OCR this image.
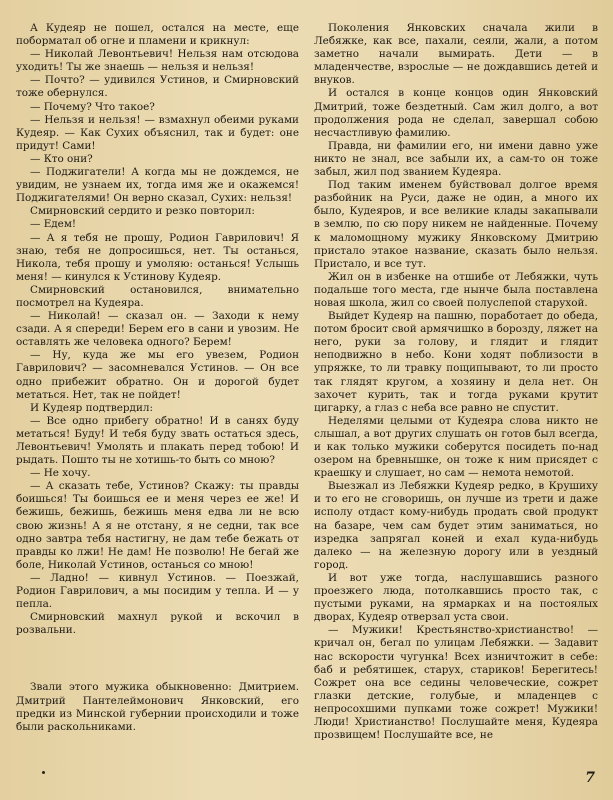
А Кудеяр не пошел, остался на месте, еще поборматал об огне и пламени и крикнул:

— Николай Левонтьевич! Нельзя нам отсюдова уходить! Ты же знаешь — нельзя и нельзя!

— Почто? — удивился Устинов, и Смирновский тоже обернулся.

— Почему? Что такое?

— Нельзя и нельзя! — взмахнул обеими руками Кудеяр. — Как Сухих объяснил, так и будет: оне придут! Сами!

— Кто они?

— Поджигатели! А когда мы не дождемся, не увидим, не узнаем их, тогда имя же и окажемся! Поджигателями! Он верно сказал, Сухих: нельзя!

Смирновский сердито и резко повторил:

— Едем!

— А я тебя не прошу, Родион Гаврилович! Я знаю, тебя не допросишься, нет. Ты останься, Никола, тебя прошу и умоляю: останься! Услышь меня! — кинулся к Устинову Кудеяр.

Смирновский остановился, внимательно посмотрел на Кудеяра.

— Николай! — сказал он. — Заходи к нему сзади. А я спереди! Берем его в сани и увозим. Не оставлять же человека одного? Берем!

— Ну, куда же мы его увезем, Родион Гаврилович? — засомневался Устинов. — Он все одно прибежит обратно. Он и дорогой будет метаться. Нет, так не пойдет!

И Кудеяр подтвердил:

— Все одно прибегу обратно! И в санях буду метаться! Буду! И тебя буду звать остаться здесь, Левонтьевич! Умолять и плакать перед тобою! И рыдать. Пошто ты не хотишь-то быть со мною?

— Не хочу.

— А сказать тебе, Устинов? Скажу: ты правды боишься! Ты боишься ее и меня через ее же! И бежишь, бежишь, бежишь меня едва ли не всю свою жизнь! А я не отстану, я не седни, так все одно завтра тебя настигну, не дам тебе бежать от правды ко лжи! Не дам! Не позволю! Не бегай же боле, Николай Устинов, останься со мною!

— Ладно! — кивнул Устинов. — Поезжай, Родион Гаврилович, а мы посидим у тепла. И — у пепла.

Смирновский махнул рукой и вскочил в розвальни.

Звали этого мужика обыкновенно: Дмитрием. Дмитрий Пантелеймонович Янковский, его предки из Минской губернии происходили и тоже были раскольниками.

Поколения Янковских сначала жили в Лебяжке, как все, пахали, сеяли, жали, а потом заметно начали вымирать. Дети — в младенчестве, взрослые — не дождавшись детей и внуков.

И остался в конце концов один Янковский Дмитрий, тоже бездетный. Сам жил долго, а вот продолжения рода не сделал, завершал собою несчастливую фамилию.

Правда, ни фамилии его, ни имени давно уже никто не знал, все забыли их, а сам-то он тоже забыл, жил под званием Кудеяра.

Под таким именем буйствовал долгое время разбойник на Руси, даже не один, а много их было, Кудеяров, и все великие клады закапывали в землю, по сю пору никем не найденные. Почему к маломощному мужику Янковскому Дмитрию пристало этакое название, сказать было нельзя. Пристало, и все тут.

Жил он в избенке на отшибе от Лебяжки, чуть подальше того места, где нынче была поставлена новая школа, жил со своей полуслепой старухой.

Выйдет Кудеяр на пашню, поработает до обеда, потом бросит свой армячишко в борозду, ляжет на него, руки за голову, и глядит и глядит неподвижно в небо. Кони ходят поблизости в упряжке, то ли травку пощипывают, то ли просто так глядят кругом, а хозяину и дела нет. Он захочет курить, так и тогда руками крутит цигарку, а глаз с неба все равно не спустит.

Неделями целыми от Кудеяра слова никто не слышал, а вот других слушать он готов был всегда, и как только мужики соберутся посидеть по-над озером на бревнышке, он тоже к ним присядет с краешку и слушает, но сам — немота немотой.

Выезжал из Лебяжки Кудеяр редко, в Крушиху и то его не сговоришь, он лучше из трети и даже исполу отдаст кому-нибудь продать свой продукт на базаре, чем сам будет этим заниматься, но изредка запрягал коней и ехал куда-нибудь далеко — на железную дорогу или в уездный город.

И вот уже тогда, наслушавшись разного проезжего люда, потолкавшись просто так, с пустыми руками, на ярмарках и на постоялых дворах, Кудеяр отверзал уста свои.

— Мужики! Крестьянство-христианство! — кричал он, бегал по улицам Лебяжки. — Задавит нас вскорости чугунка! Всех изничтожит в себе: баб и ребятишек, старух, стариков! Берегитесь! Сожрет она все седины человеческие, сожрет глазки детские, голубые, и младенцев с непросохшими пупками тоже сожрет! Мужики! Люди! Христианство! Послушайте меня, Кудеяра прозвищем! Послушайте все, не

7
